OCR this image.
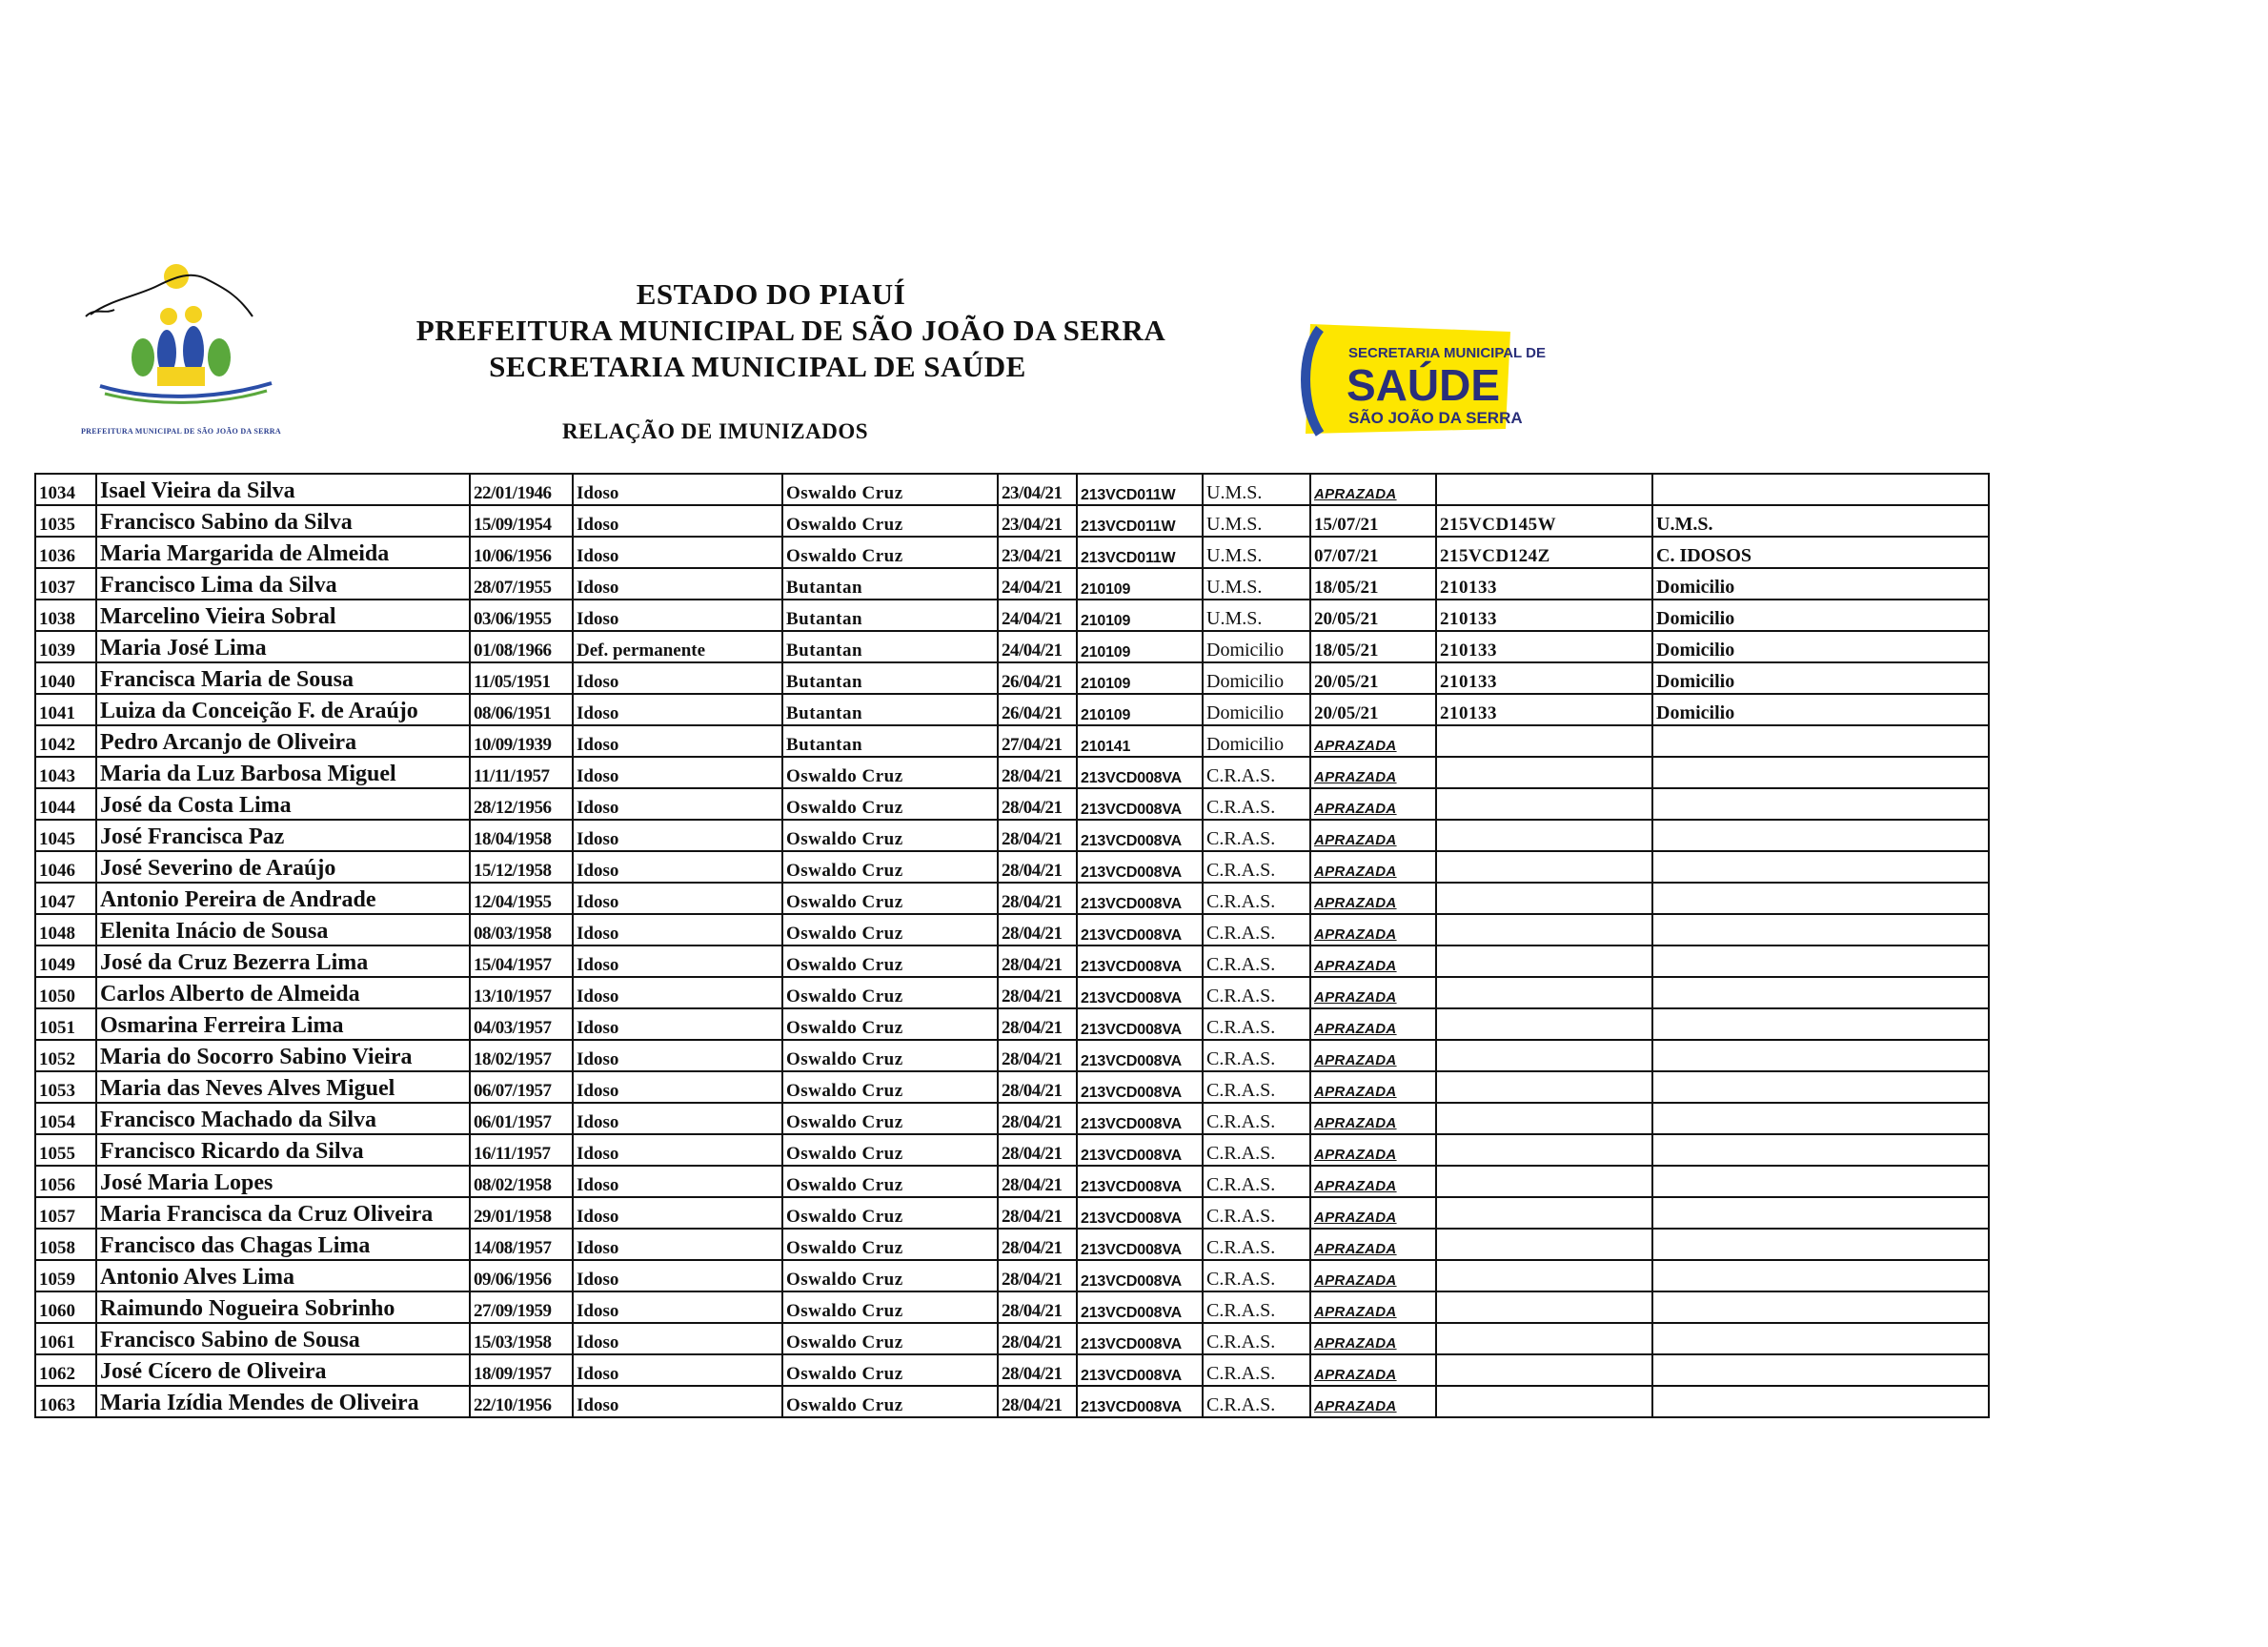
PREFEITURA MUNICIPAL DE SÃO JOÃO DA SERRA
ESTADO DO PIAUÍ
PREFEITURA MUNICIPAL DE SÃO JOÃO DA SERRA
SECRETARIA MUNICIPAL DE SAÚDE
RELAÇÃO DE IMUNIZADOS
SECRETARIA MUNICIPAL DE
SAÚDE
SÃO JOÃO DA SERRA
1034	Isael Vieira da Silva	22/01/1946	Idoso	Oswaldo Cruz	23/04/21	213VCD011W	U.M.S.	APRAZADA		
1035	Francisco Sabino da Silva	15/09/1954	Idoso	Oswaldo Cruz	23/04/21	213VCD011W	U.M.S.	15/07/21	215VCD145W	U.M.S.
1036	Maria Margarida de Almeida	10/06/1956	Idoso	Oswaldo Cruz	23/04/21	213VCD011W	U.M.S.	07/07/21	215VCD124Z	C. IDOSOS
1037	Francisco Lima da Silva	28/07/1955	Idoso	Butantan	24/04/21	210109	U.M.S.	18/05/21	210133	Domicilio
1038	Marcelino Vieira Sobral	03/06/1955	Idoso	Butantan	24/04/21	210109	U.M.S.	20/05/21	210133	Domicilio
1039	Maria José Lima	01/08/1966	Def. permanente	Butantan	24/04/21	210109	Domicilio	18/05/21	210133	Domicilio
1040	Francisca Maria de Sousa	11/05/1951	Idoso	Butantan	26/04/21	210109	Domicilio	20/05/21	210133	Domicilio
1041	Luiza da Conceição F. de Araújo	08/06/1951	Idoso	Butantan	26/04/21	210109	Domicilio	20/05/21	210133	Domicilio
1042	Pedro Arcanjo de Oliveira	10/09/1939	Idoso	Butantan	27/04/21	210141	Domicilio	APRAZADA		
1043	Maria da Luz Barbosa Miguel	11/11/1957	Idoso	Oswaldo Cruz	28/04/21	213VCD008VA	C.R.A.S.	APRAZADA		
1044	José da Costa Lima	28/12/1956	Idoso	Oswaldo Cruz	28/04/21	213VCD008VA	C.R.A.S.	APRAZADA		
1045	José Francisca Paz	18/04/1958	Idoso	Oswaldo Cruz	28/04/21	213VCD008VA	C.R.A.S.	APRAZADA		
1046	José Severino de Araújo	15/12/1958	Idoso	Oswaldo Cruz	28/04/21	213VCD008VA	C.R.A.S.	APRAZADA		
1047	Antonio Pereira de Andrade	12/04/1955	Idoso	Oswaldo Cruz	28/04/21	213VCD008VA	C.R.A.S.	APRAZADA		
1048	Elenita Inácio de Sousa	08/03/1958	Idoso	Oswaldo Cruz	28/04/21	213VCD008VA	C.R.A.S.	APRAZADA		
1049	José da Cruz Bezerra Lima	15/04/1957	Idoso	Oswaldo Cruz	28/04/21	213VCD008VA	C.R.A.S.	APRAZADA		
1050	Carlos Alberto de Almeida	13/10/1957	Idoso	Oswaldo Cruz	28/04/21	213VCD008VA	C.R.A.S.	APRAZADA		
1051	Osmarina Ferreira Lima	04/03/1957	Idoso	Oswaldo Cruz	28/04/21	213VCD008VA	C.R.A.S.	APRAZADA		
1052	Maria do Socorro Sabino Vieira	18/02/1957	Idoso	Oswaldo Cruz	28/04/21	213VCD008VA	C.R.A.S.	APRAZADA		
1053	Maria das Neves Alves Miguel	06/07/1957	Idoso	Oswaldo Cruz	28/04/21	213VCD008VA	C.R.A.S.	APRAZADA		
1054	Francisco Machado da Silva	06/01/1957	Idoso	Oswaldo Cruz	28/04/21	213VCD008VA	C.R.A.S.	APRAZADA		
1055	Francisco Ricardo da Silva	16/11/1957	Idoso	Oswaldo Cruz	28/04/21	213VCD008VA	C.R.A.S.	APRAZADA		
1056	José Maria Lopes	08/02/1958	Idoso	Oswaldo Cruz	28/04/21	213VCD008VA	C.R.A.S.	APRAZADA		
1057	Maria Francisca da Cruz Oliveira	29/01/1958	Idoso	Oswaldo Cruz	28/04/21	213VCD008VA	C.R.A.S.	APRAZADA		
1058	Francisco das Chagas Lima	14/08/1957	Idoso	Oswaldo Cruz	28/04/21	213VCD008VA	C.R.A.S.	APRAZADA		
1059	Antonio Alves Lima	09/06/1956	Idoso	Oswaldo Cruz	28/04/21	213VCD008VA	C.R.A.S.	APRAZADA		
1060	Raimundo Nogueira Sobrinho	27/09/1959	Idoso	Oswaldo Cruz	28/04/21	213VCD008VA	C.R.A.S.	APRAZADA		
1061	Francisco Sabino de Sousa	15/03/1958	Idoso	Oswaldo Cruz	28/04/21	213VCD008VA	C.R.A.S.	APRAZADA		
1062	José Cícero de Oliveira	18/09/1957	Idoso	Oswaldo Cruz	28/04/21	213VCD008VA	C.R.A.S.	APRAZADA		
1063	Maria Izídia Mendes de Oliveira	22/10/1956	Idoso	Oswaldo Cruz	28/04/21	213VCD008VA	C.R.A.S.	APRAZADA		
